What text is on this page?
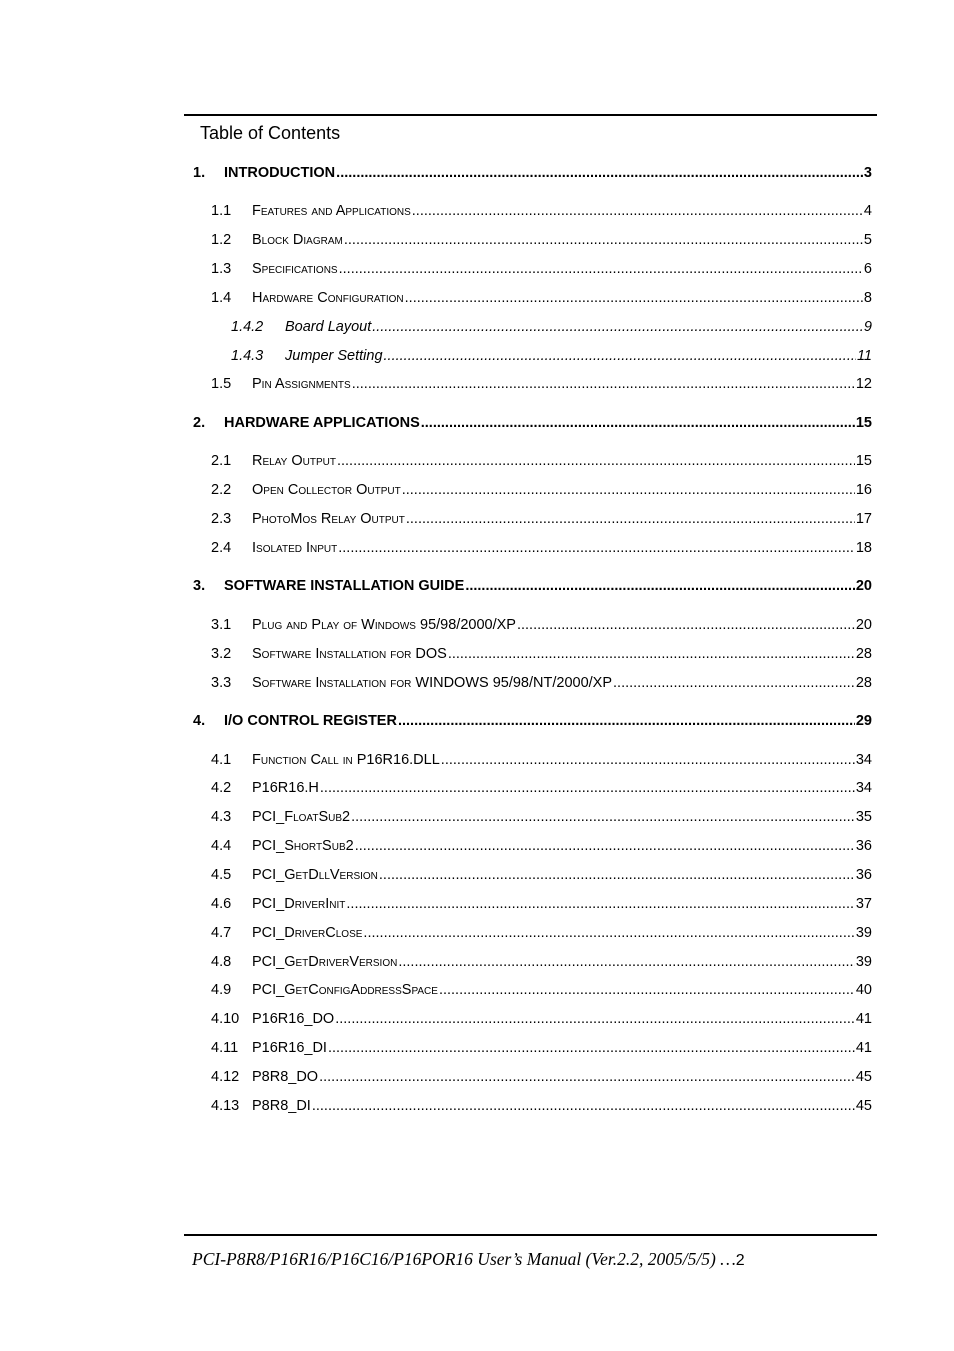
Table of Contents
1.	INTRODUCTION .....	3
1.1	Features and Applications .....	4
1.2	Block Diagram .....	5
1.3	Specifications .....	6
1.4	Hardware Configuration .....	8
1.4.2	Board Layout .....	9
1.4.3	Jumper Setting .....	11
1.5	Pin Assignments .....	12
2.	HARDWARE APPLICATIONS .....	15
2.1	Relay Output .....	15
2.2	Open Collector Output .....	16
2.3	PhotoMos Relay Output .....	17
2.4	Isolated Input .....	18
3.	SOFTWARE INSTALLATION GUIDE .....	20
3.1	Plug and Play of Windows 95/98/2000/XP .....	20
3.2	Software Installation for DOS .....	28
3.3	Software Installation for WINDOWS 95/98/NT/2000/XP .....	28
4.	I/O CONTROL REGISTER .....	29
4.1	Function Call in P16R16.DLL .....	34
4.2	P16R16.H .....	34
4.3	PCI_FloatSub2 .....	35
4.4	PCI_ShortSub2 .....	36
4.5	PCI_GetDllVersion .....	36
4.6	PCI_DriverInit .....	37
4.7	PCI_DriverClose .....	39
4.8	PCI_GetDriverVersion .....	39
4.9	PCI_GetConfigAddressSpace .....	40
4.10 P16R16_DO .....	41
4.11 P16R16_DI .....	41
4.12 P8R8_DO .....	45
4.13 P8R8_DI .....	45
PCI-P8R8/P16R16/P16C16/P16POR16 User’s Manual (Ver.2.2, 2005/5/5) …2
